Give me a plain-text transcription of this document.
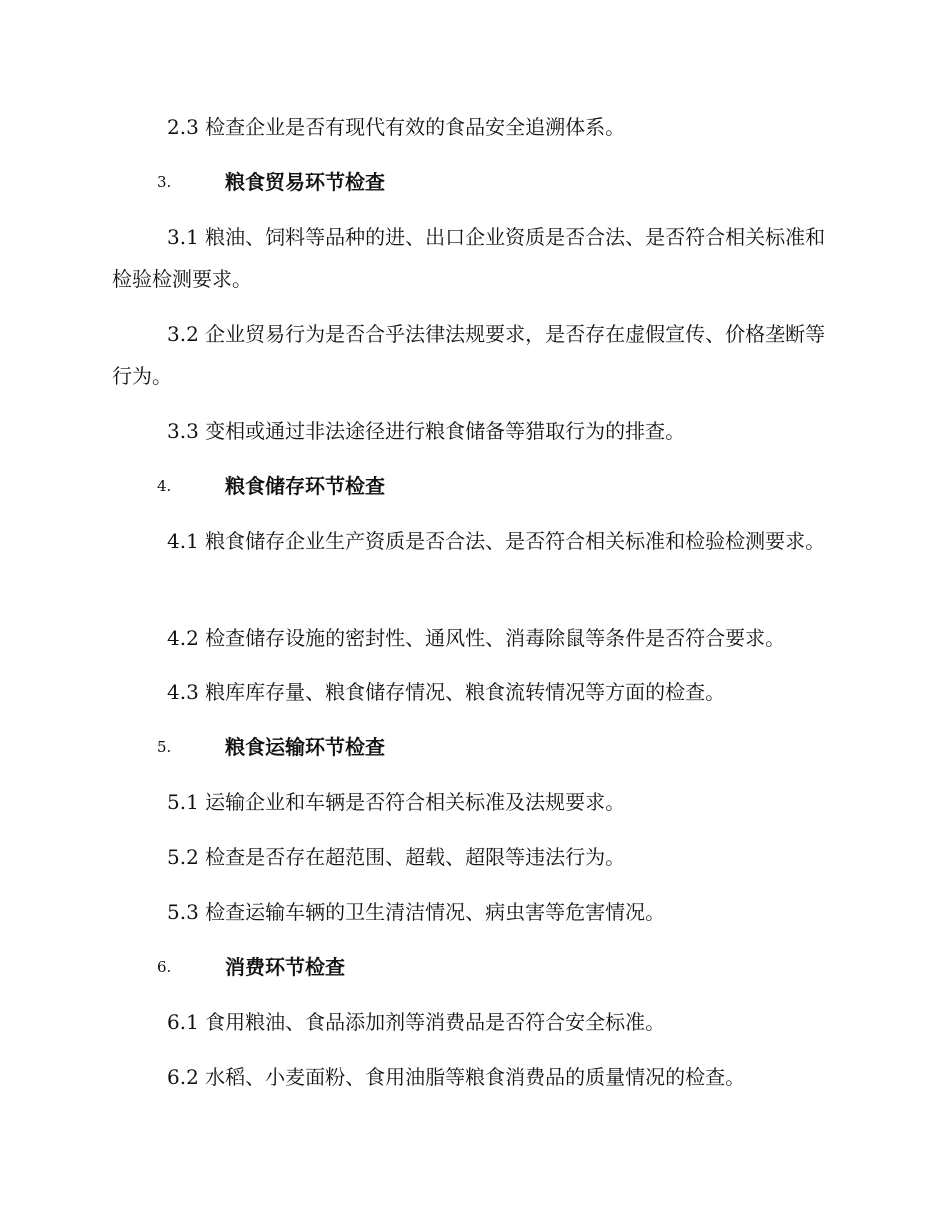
2.3 检查企业是否有现代有效的食品安全追溯体系。
3.	粮食贸易环节检查
3.1 粮油、饲料等品种的进、出口企业资质是否合法、是否符合相关标准和检验检测要求。
3.2 企业贸易行为是否合乎法律法规要求，是否存在虚假宣传、价格垄断等行为。
3.3 变相或通过非法途径进行粮食储备等猎取行为的排查。
4.	粮食储存环节检查
4.1 粮食储存企业生产资质是否合法、是否符合相关标准和检验检测要求。
4.2 检查储存设施的密封性、通风性、消毒除鼠等条件是否符合要求。
4.3 粮库库存量、粮食储存情况、粮食流转情况等方面的检查。
5.	粮食运输环节检查
5.1 运输企业和车辆是否符合相关标准及法规要求。
5.2 检查是否存在超范围、超载、超限等违法行为。
5.3 检查运输车辆的卫生清洁情况、病虫害等危害情况。
6.	消费环节检查
6.1 食用粮油、食品添加剂等消费品是否符合安全标准。
6.2 水稻、小麦面粉、食用油脂等粮食消费品的质量情况的检查。
